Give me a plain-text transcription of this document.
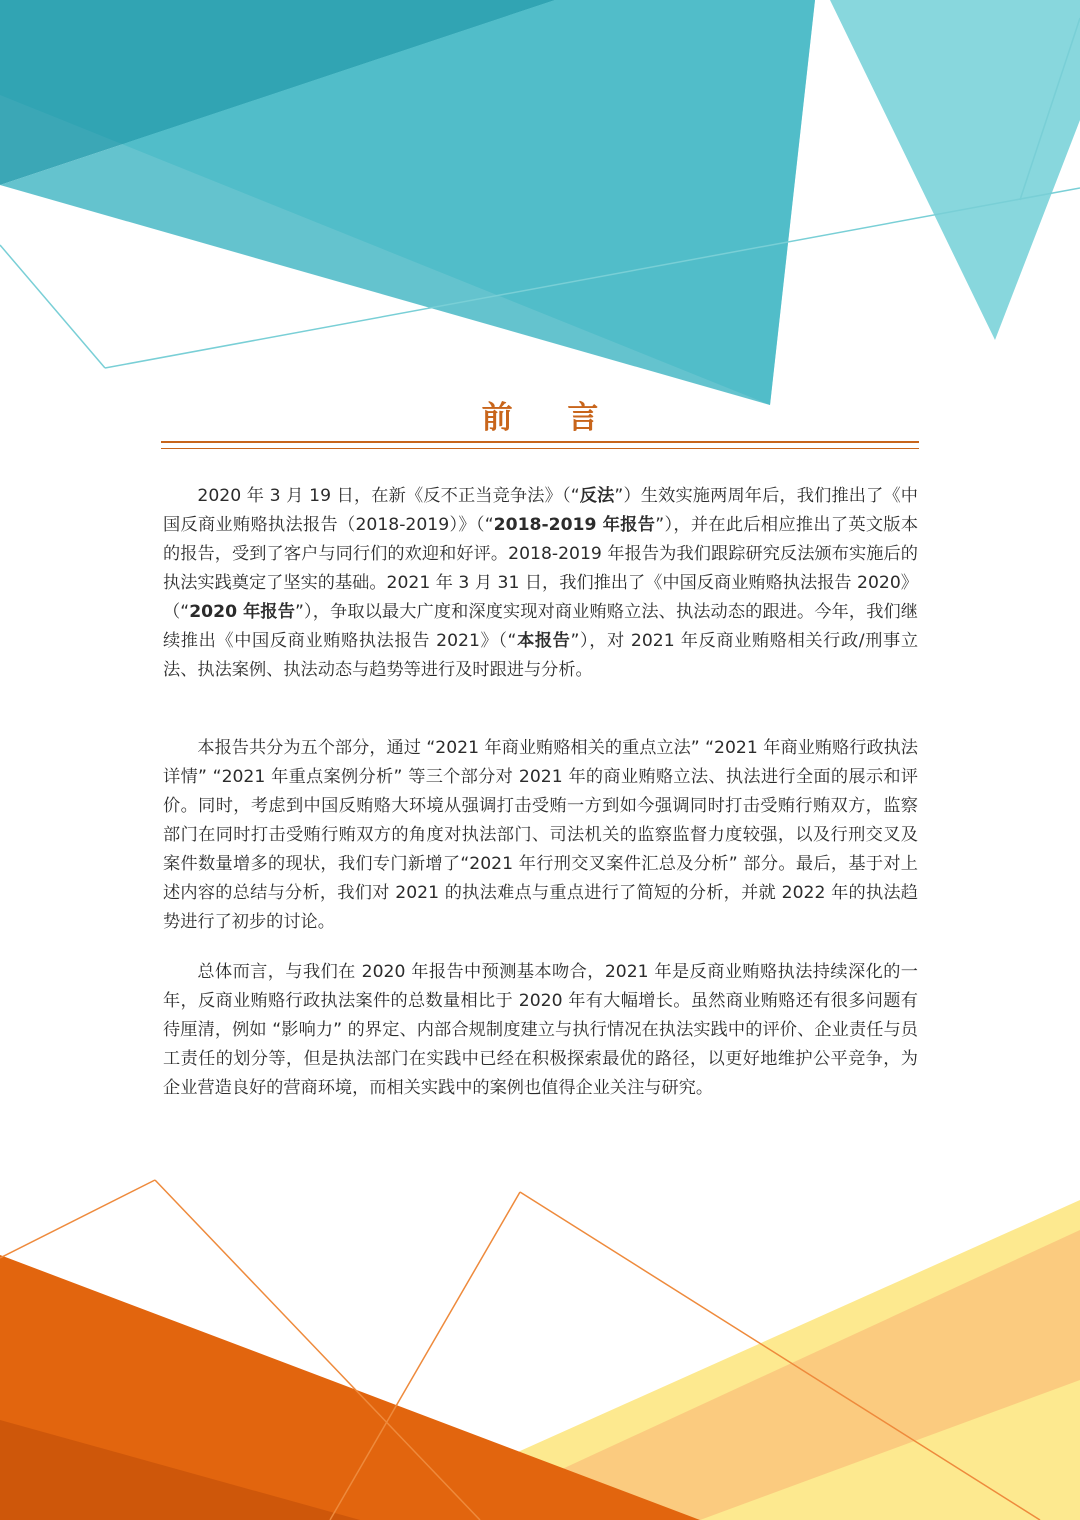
前 言

2020 年 3 月 19 日，在新《反不正当竞争法》（“反法”）生效实施两周年后，我们推出了《中国反商业贿赂执法报告（2018-2019）》（“2018-2019 年报告”），并在此后相应推出了英文版本的报告，受到了客户与同行们的欢迎和好评。2018-2019 年报告为我们跟踪研究反法颁布实施后的执法实践奠定了坚实的基础。2021 年 3 月 31 日，我们推出了《中国反商业贿赂执法报告 2020》（“2020 年报告”），争取以最大广度和深度实现对商业贿赂立法、执法动态的跟进。今年，我们继续推出《中国反商业贿赂执法报告 2021》（“本报告”），对 2021 年反商业贿赂相关行政/刑事立法、执法案例、执法动态与趋势等进行及时跟进与分析。

本报告共分为五个部分，通过 “2021 年商业贿赂相关的重点立法” “2021 年商业贿赂行政执法详情” “2021 年重点案例分析” 等三个部分对 2021 年的商业贿赂立法、执法进行全面的展示和评价。同时，考虑到中国反贿赂大环境从强调打击受贿一方到如今强调同时打击受贿行贿双方，监察部门在同时打击受贿行贿双方的角度对执法部门、司法机关的监察监督力度较强，以及行刑交叉及案件数量增多的现状，我们专门新增了“2021 年行刑交叉案件汇总及分析” 部分。最后，基于对上述内容的总结与分析，我们对 2021 的执法难点与重点进行了简短的分析，并就 2022 年的执法趋势进行了初步的讨论。

总体而言，与我们在 2020 年报告中预测基本吻合，2021 年是反商业贿赂执法持续深化的一年，反商业贿赂行政执法案件的总数量相比于 2020 年有大幅增长。虽然商业贿赂还有很多问题有待厘清，例如 “影响力” 的界定、内部合规制度建立与执行情况在执法实践中的评价、企业责任与员工责任的划分等，但是执法部门在实践中已经在积极探索最优的路径，以更好地维护公平竞争，为企业营造良好的营商环境，而相关实践中的案例也值得企业关注与研究。
